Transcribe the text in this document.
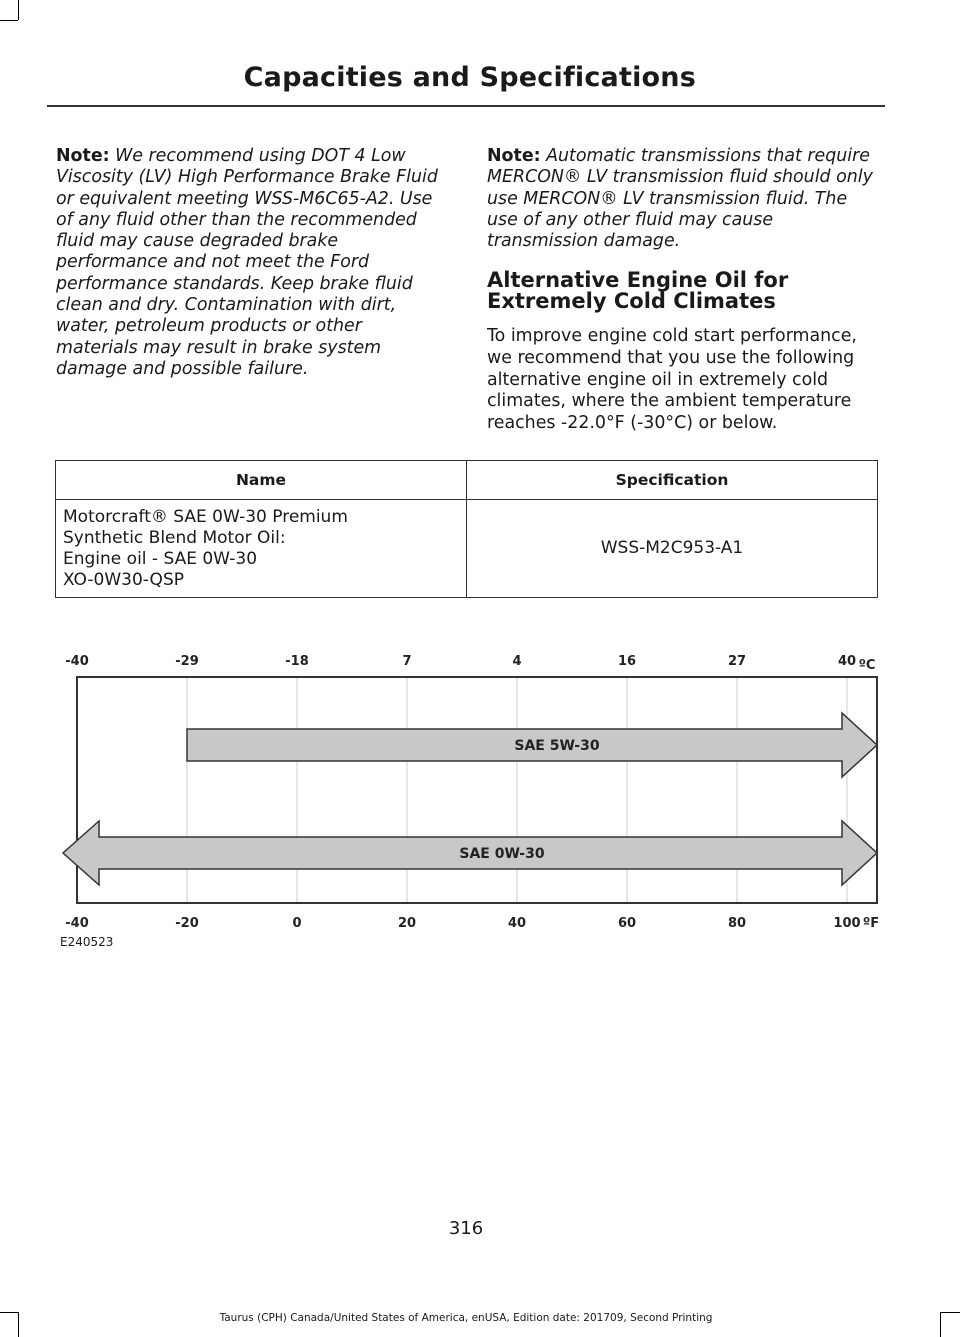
Capacities and Specifications

Note: We recommend using DOT 4 Low Viscosity (LV) High Performance Brake Fluid or equivalent meeting WSS-M6C65-A2. Use of any fluid other than the recommended fluid may cause degraded brake performance and not meet the Ford performance standards. Keep brake fluid clean and dry. Contamination with dirt, water, petroleum products or other materials may result in brake system damage and possible failure.

Note: Automatic transmissions that require MERCON® LV transmission fluid should only use MERCON® LV transmission fluid. The use of any other fluid may cause transmission damage.

Alternative Engine Oil for
Extremely Cold Climates

To improve engine cold start performance, we recommend that you use the following alternative engine oil in extremely cold climates, where the ambient temperature reaches -22.0°F (-30°C) or below.

Name	Specification

Motorcraft® SAE 0W-30 Premium
Synthetic Blend Motor Oil:
Engine oil - SAE 0W-30
XO-0W30-QSP	WSS-M2C953-A1
-40	-29	-18	7	4	16	27	40 ºC
-40	-20	0	20	40	60	80	100 ºF
SAE 5W-30
SAE 0W-30
E240523
316
Taurus (CPH) Canada/United States of America, enUSA, Edition date: 201709, Second Printing
